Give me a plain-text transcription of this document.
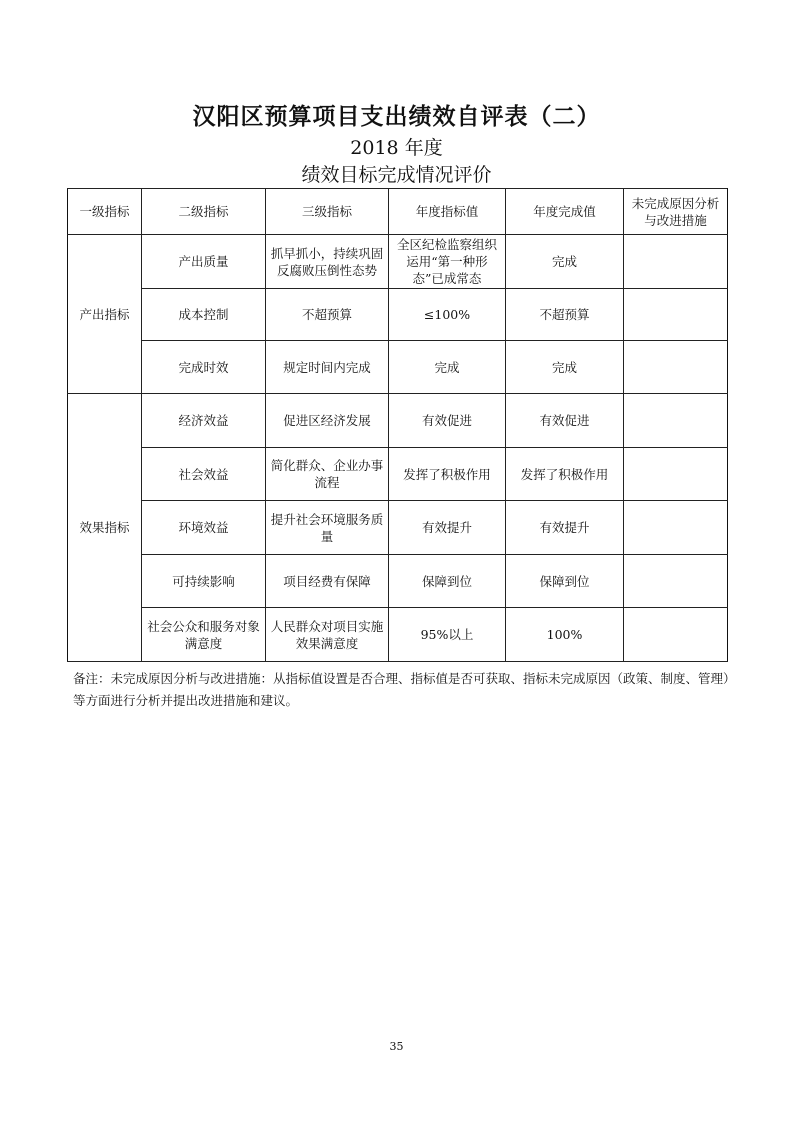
汉阳区预算项目支出绩效自评表（二）
2018 年度
绩效目标完成情况评价
一级指标	二级指标	三级指标	年度指标值	年度完成值	未完成原因分析与改进措施
产出指标	产出质量	抓早抓小，持续巩固反腐败压倒性态势	全区纪检监察组织运用“第一种形态”已成常态	完成	
	成本控制	不超预算	≤100%	不超预算	
	完成时效	规定时间内完成	完成	完成	
效果指标	经济效益	促进区经济发展	有效促进	有效促进	
	社会效益	简化群众、企业办事流程	发挥了积极作用	发挥了积极作用	
	环境效益	提升社会环境服务质量	有效提升	有效提升	
	可持续影响	项目经费有保障	保障到位	保障到位	
	社会公众和服务对象满意度	人民群众对项目实施效果满意度	95%以上	100%	
备注：未完成原因分析与改进措施：从指标值设置是否合理、指标值是否可获取、指标未完成原因（政策、制度、管理）等方面进行分析并提出改进措施和建议。
35
